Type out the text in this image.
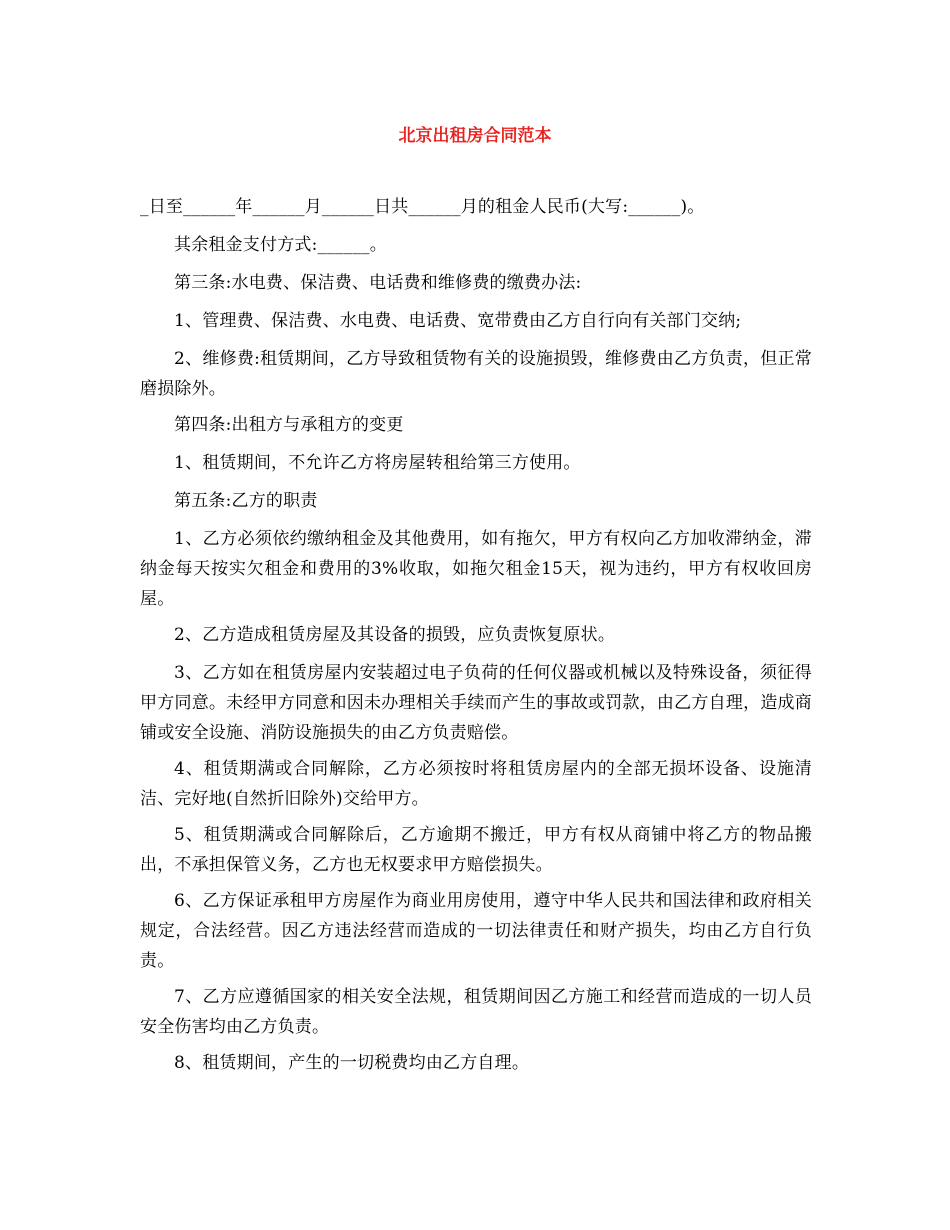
北京出租房合同范本

_日至______年______月______日共______月的租金人民币(大写:______)。

其余租金支付方式:______。

第三条:水电费、保洁费、电话费和维修费的缴费办法:

1、管理费、保洁费、水电费、电话费、宽带费由乙方自行向有关部门交纳;

2、维修费:租赁期间，乙方导致租赁物有关的设施损毁，维修费由乙方负责，但正常磨损除外。

第四条:出租方与承租方的变更

1、租赁期间，不允许乙方将房屋转租给第三方使用。

第五条:乙方的职责

1、乙方必须依约缴纳租金及其他费用，如有拖欠，甲方有权向乙方加收滞纳金，滞纳金每天按实欠租金和费用的3%收取，如拖欠租金15天，视为违约，甲方有权收回房屋。

2、乙方造成租赁房屋及其设备的损毁，应负责恢复原状。

3、乙方如在租赁房屋内安装超过电子负荷的任何仪器或机械以及特殊设备，须征得甲方同意。未经甲方同意和因未办理相关手续而产生的事故或罚款，由乙方自理，造成商铺或安全设施、消防设施损失的由乙方负责赔偿。

4、租赁期满或合同解除，乙方必须按时将租赁房屋内的全部无损坏设备、设施清洁、完好地(自然折旧除外)交给甲方。

5、租赁期满或合同解除后，乙方逾期不搬迁，甲方有权从商铺中将乙方的物品搬出，不承担保管义务，乙方也无权要求甲方赔偿损失。

6、乙方保证承租甲方房屋作为商业用房使用，遵守中华人民共和国法律和政府相关规定，合法经营。因乙方违法经营而造成的一切法律责任和财产损失，均由乙方自行负责。

7、乙方应遵循国家的相关安全法规，租赁期间因乙方施工和经营而造成的一切人员安全伤害均由乙方负责。

8、租赁期间，产生的一切税费均由乙方自理。
